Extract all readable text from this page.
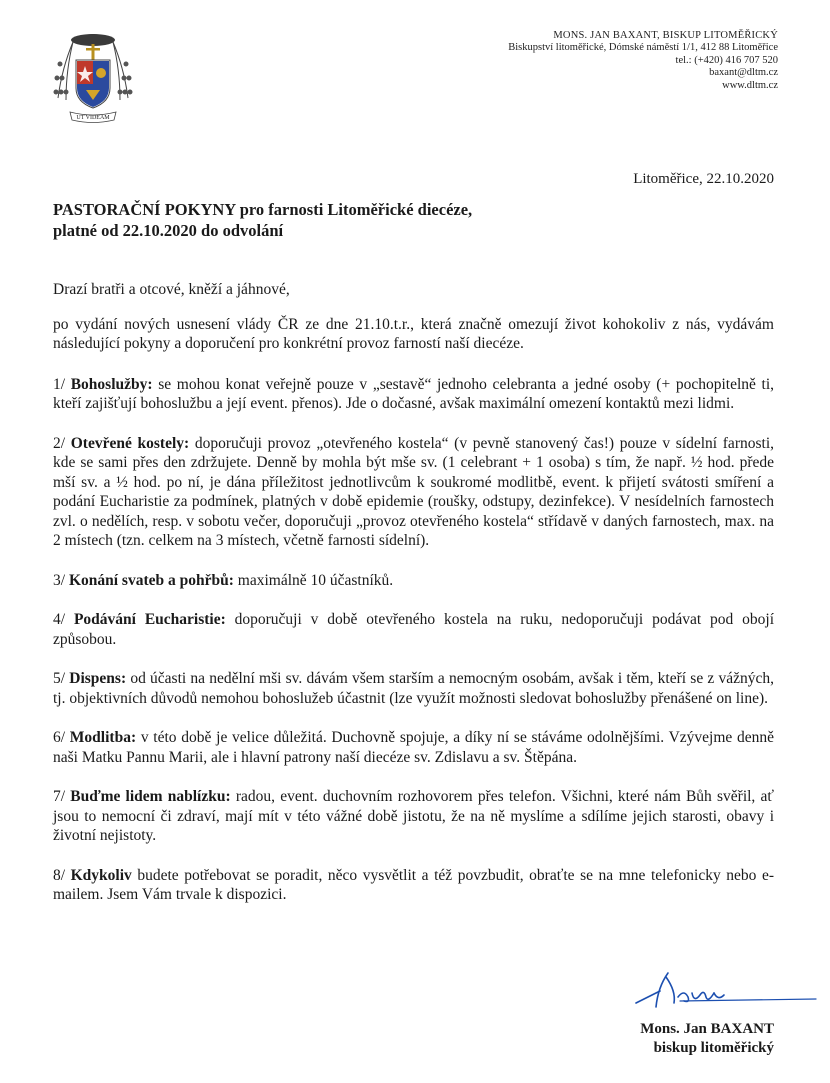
UT VIDEAM
MONS. JAN BAXANT, BISKUP LITOMĚŘICKÝ
Biskupství litoměřické, Dómské náměstí 1/1, 412 88 Litoměřice
tel.: (+420) 416 707 520
baxant@dltm.cz
www.dltm.cz
Litoměřice, 22.10.2020
PASTORAČNÍ POKYNY pro farnosti Litoměřické diecéze,
platné od 22.10.2020 do odvolání

Drazí bratři a otcové, kněží a jáhnové,

po vydání nových usnesení vlády ČR ze dne 21.10.t.r., která značně omezují život kohokoliv z nás, vydávám následující pokyny a doporučení pro konkrétní provoz farností naší diecéze.

1/ Bohoslužby: se mohou konat veřejně pouze v „sestavě“ jednoho celebranta a jedné osoby (+ pochopitelně ti, kteří zajišťují bohoslužbu a její event. přenos). Jde o dočasné, avšak maximální omezení kontaktů mezi lidmi.

2/ Otevřené kostely: doporučuji provoz „otevřeného kostela“ (v pevně stanovený čas!) pouze v sídelní farnosti, kde se sami přes den zdržujete. Denně by mohla být mše sv. (1 celebrant + 1 osoba) s tím, že např. ½ hod. přede mší sv. a ½ hod. po ní, je dána příležitost jednotlivcům k soukromé modlitbě, event. k přijetí svátosti smíření a podání Eucharistie za podmínek, platných v době epidemie (roušky, odstupy, dezinfekce). V nesídelních farnostech zvl. o nedělích, resp. v sobotu večer, doporučuji „provoz otevřeného kostela“ střídavě v daných farnostech, max. na 2 místech (tzn. celkem na 3 místech, včetně farnosti sídelní).

3/ Konání svateb a pohřbů: maximálně 10 účastníků.

4/ Podávání Eucharistie: doporučuji v době otevřeného kostela na ruku, nedoporučuji podávat pod obojí způsobou.

5/ Dispens: od účasti na nedělní mši sv. dávám všem starším a nemocným osobám, avšak i těm, kteří se z vážných, tj. objektivních důvodů nemohou bohoslužeb účastnit (lze využít možnosti sledovat bohoslužby přenášené on line).

6/ Modlitba: v této době je velice důležitá. Duchovně spojuje, a díky ní se stáváme odolnějšími. Vzývejme denně naši Matku Pannu Marii, ale i hlavní patrony naší diecéze sv. Zdislavu a sv. Štěpána.

7/ Buďme lidem nablízku: radou, event. duchovním rozhovorem přes telefon. Všichni, které nám Bůh svěřil, ať jsou to nemocní či zdraví, mají mít v této vážné době jistotu, že na ně myslíme a sdílíme jejich starosti, obavy i životní nejistoty.

8/ Kdykoliv budete potřebovat se poradit, něco vysvětlit a též povzbudit, obraťte se na mne telefonicky nebo e-mailem. Jsem Vám trvale k dispozici.

Mons. Jan BAXANT
biskup litoměřický
